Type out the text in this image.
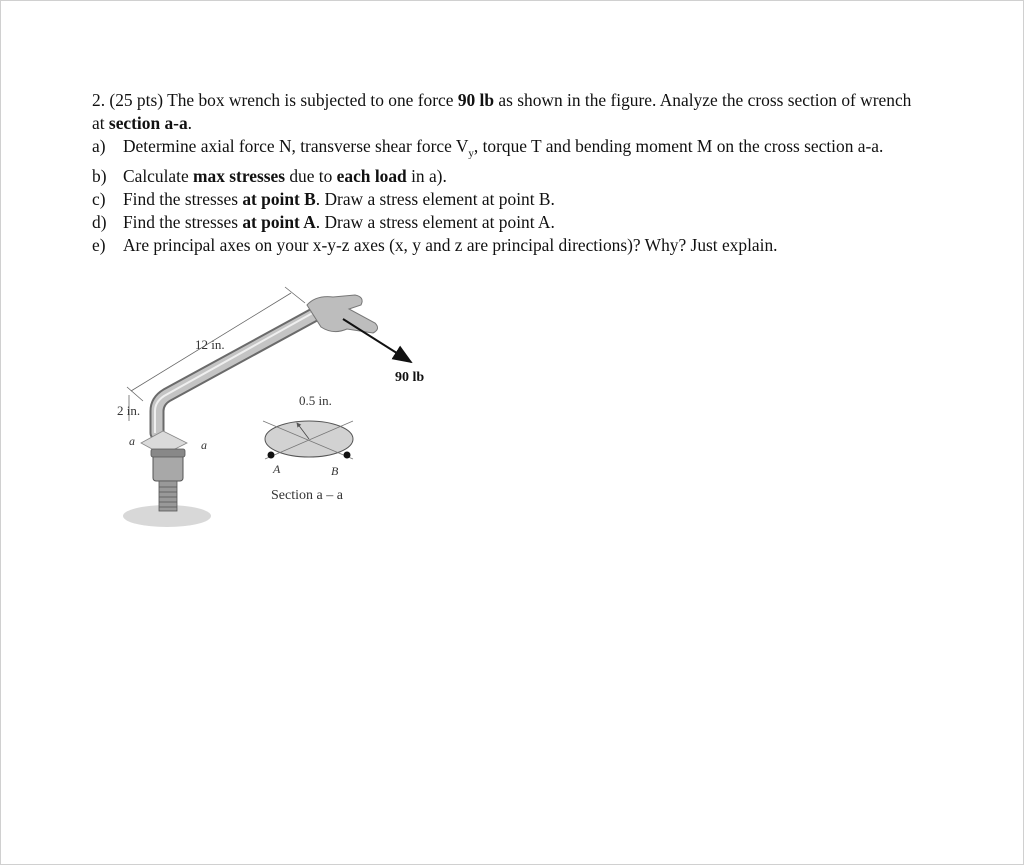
2. (25 pts) The box wrench is subjected to one force 90 lb as shown in the figure. Analyze the cross section of wrench at section a-a.
a) Determine axial force N, transverse shear force $V_y$, torque T and bending moment M on the cross section a-a.
b) Calculate max stresses due to each load in a).
c) Find the stresses at point B. Draw a stress element at point B.
d) Find the stresses at point A. Draw a stress element at point A.
e) Are principal axes on your x-y-z axes (x, y and z are principal directions)? Why? Just explain.
12 in.
2 in.
90 lb
a	a
0.5 in.
A	B
Section a – a
